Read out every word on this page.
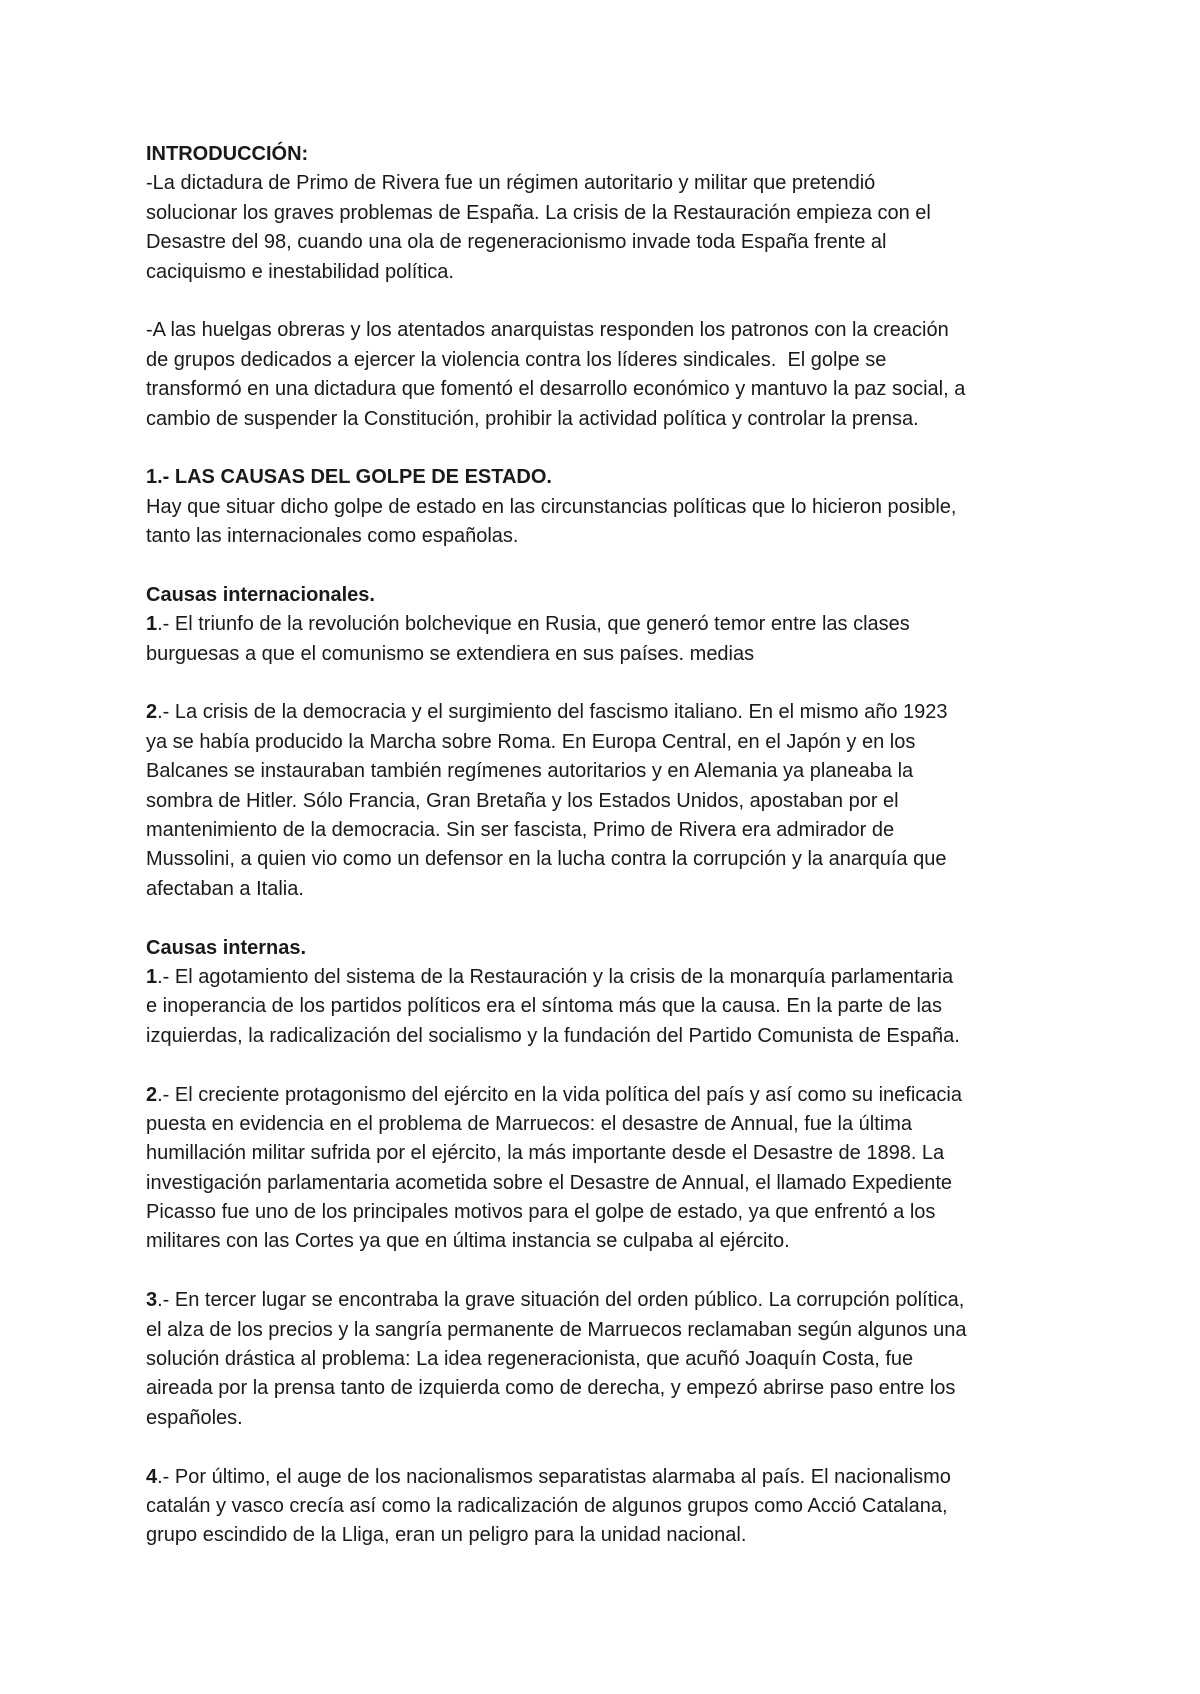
INTRODUCCIÓN:
-La dictadura de Primo de Rivera fue un régimen autoritario y militar que pretendió
solucionar los graves problemas de España. La crisis de la Restauración empieza con el
Desastre del 98, cuando una ola de regeneracionismo invade toda España frente al
caciquismo e inestabilidad política.
-A las huelgas obreras y los atentados anarquistas responden los patronos con la creación
de grupos dedicados a ejercer la violencia contra los líderes sindicales.  El golpe se
transformó en una dictadura que fomentó el desarrollo económico y mantuvo la paz social, a
cambio de suspender la Constitución, prohibir la actividad política y controlar la prensa.
1.- LAS CAUSAS DEL GOLPE DE ESTADO.
Hay que situar dicho golpe de estado en las circunstancias políticas que lo hicieron posible,
tanto las internacionales como españolas.
Causas internacionales.
1.- El triunfo de la revolución bolchevique en Rusia, que generó temor entre las clases
burguesas a que el comunismo se extendiera en sus países. medias
2.- La crisis de la democracia y el surgimiento del fascismo italiano. En el mismo año 1923
ya se había producido la Marcha sobre Roma. En Europa Central, en el Japón y en los
Balcanes se instauraban también regímenes autoritarios y en Alemania ya planeaba la
sombra de Hitler. Sólo Francia, Gran Bretaña y los Estados Unidos, apostaban por el
mantenimiento de la democracia. Sin ser fascista, Primo de Rivera era admirador de
Mussolini, a quien vio como un defensor en la lucha contra la corrupción y la anarquía que
afectaban a Italia.
Causas internas.
1.- El agotamiento del sistema de la Restauración y la crisis de la monarquía parlamentaria
e inoperancia de los partidos políticos era el síntoma más que la causa. En la parte de las
izquierdas, la radicalización del socialismo y la fundación del Partido Comunista de España.
2.- El creciente protagonismo del ejército en la vida política del país y así como su ineficacia
puesta en evidencia en el problema de Marruecos: el desastre de Annual, fue la última
humillación militar sufrida por el ejército, la más importante desde el Desastre de 1898. La
investigación parlamentaria acometida sobre el Desastre de Annual, el llamado Expediente
Picasso fue uno de los principales motivos para el golpe de estado, ya que enfrentó a los
militares con las Cortes ya que en última instancia se culpaba al ejército.
3.- En tercer lugar se encontraba la grave situación del orden público. La corrupción política,
el alza de los precios y la sangría permanente de Marruecos reclamaban según algunos una
solución drástica al problema: La idea regeneracionista, que acuñó Joaquín Costa, fue
aireada por la prensa tanto de izquierda como de derecha, y empezó abrirse paso entre los
españoles.
4.- Por último, el auge de los nacionalismos separatistas alarmaba al país. El nacionalismo
catalán y vasco crecía así como la radicalización de algunos grupos como Acció Catalana,
grupo escindido de la Lliga, eran un peligro para la unidad nacional.
